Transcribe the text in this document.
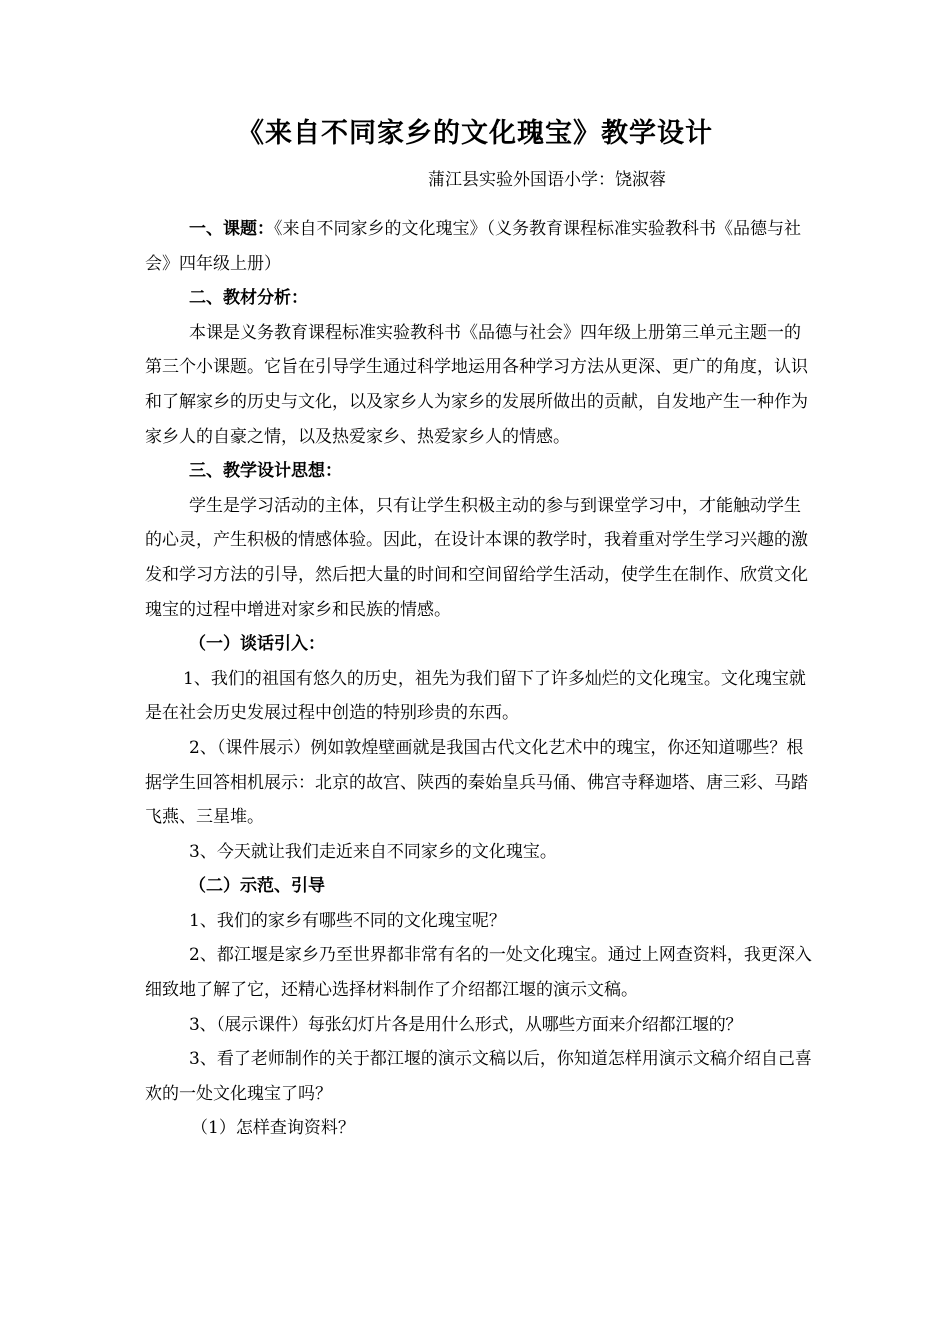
《来自不同家乡的文化瑰宝》教学设计
蒲江县实验外国语小学：饶淑蓉

一、课题：《来自不同家乡的文化瑰宝》（义务教育课程标准实验教科书《品德与社会》四年级上册）

二、教材分析：

本课是义务教育课程标准实验教科书《品德与社会》四年级上册第三单元主题一的第三个小课题。它旨在引导学生通过科学地运用各种学习方法从更深、更广的角度，认识和了解家乡的历史与文化，以及家乡人为家乡的发展所做出的贡献，自发地产生一种作为家乡人的自豪之情，以及热爱家乡、热爱家乡人的情感。

三、教学设计思想：

学生是学习活动的主体，只有让学生积极主动的参与到课堂学习中，才能触动学生的心灵，产生积极的情感体验。因此，在设计本课的教学时，我着重对学生学习兴趣的激发和学习方法的引导，然后把大量的时间和空间留给学生活动，使学生在制作、欣赏文化瑰宝的过程中增进对家乡和民族的情感。

（一）谈话引入：

1、我们的祖国有悠久的历史，祖先为我们留下了许多灿烂的文化瑰宝。文化瑰宝就是在社会历史发展过程中创造的特别珍贵的东西。

2、（课件展示）例如敦煌壁画就是我国古代文化艺术中的瑰宝，你还知道哪些？根据学生回答相机展示：北京的故宫、陕西的秦始皇兵马俑、佛宫寺释迦塔、唐三彩、马踏飞燕、三星堆。

3、今天就让我们走近来自不同家乡的文化瑰宝。

（二）示范、引导

1、我们的家乡有哪些不同的文化瑰宝呢？

2、都江堰是家乡乃至世界都非常有名的一处文化瑰宝。通过上网查资料，我更深入细致地了解了它，还精心选择材料制作了介绍都江堰的演示文稿。

3、（展示课件）每张幻灯片各是用什么形式，从哪些方面来介绍都江堰的？

3、看了老师制作的关于都江堰的演示文稿以后，你知道怎样用演示文稿介绍自己喜欢的一处文化瑰宝了吗？

（1）怎样查询资料？
